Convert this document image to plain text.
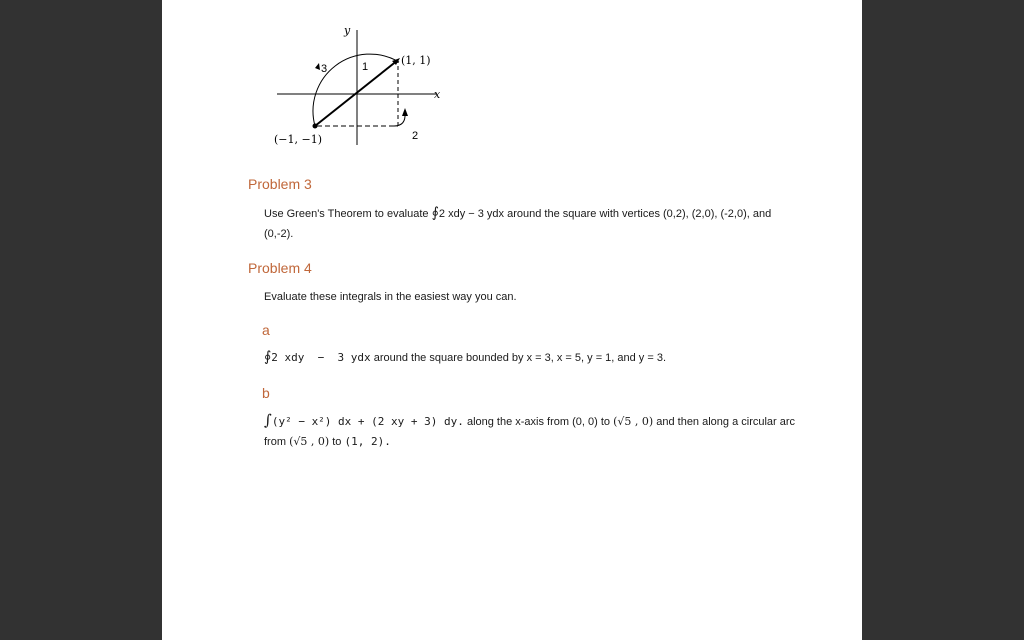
y
x
3	1
2
(1, 1)
(−1, −1)
Problem 3
Use Green's Theorem to evaluate ∮2 xdy − 3 ydx around the square with vertices (0,2), (2,0), (-2,0), and
(0,-2).
Problem 4
Evaluate these integrals in the easiest way you can.
a
∮2 xdy  −  3 ydx around the square bounded by x = 3, x = 5, y = 1, and y = 3.
b
∫(y² − x²) dx + (2 xy + 3) dy. along the x-axis from (0, 0) to (√5 , 0) and then along a circular arc
from (√5 , 0) to (1, 2).
